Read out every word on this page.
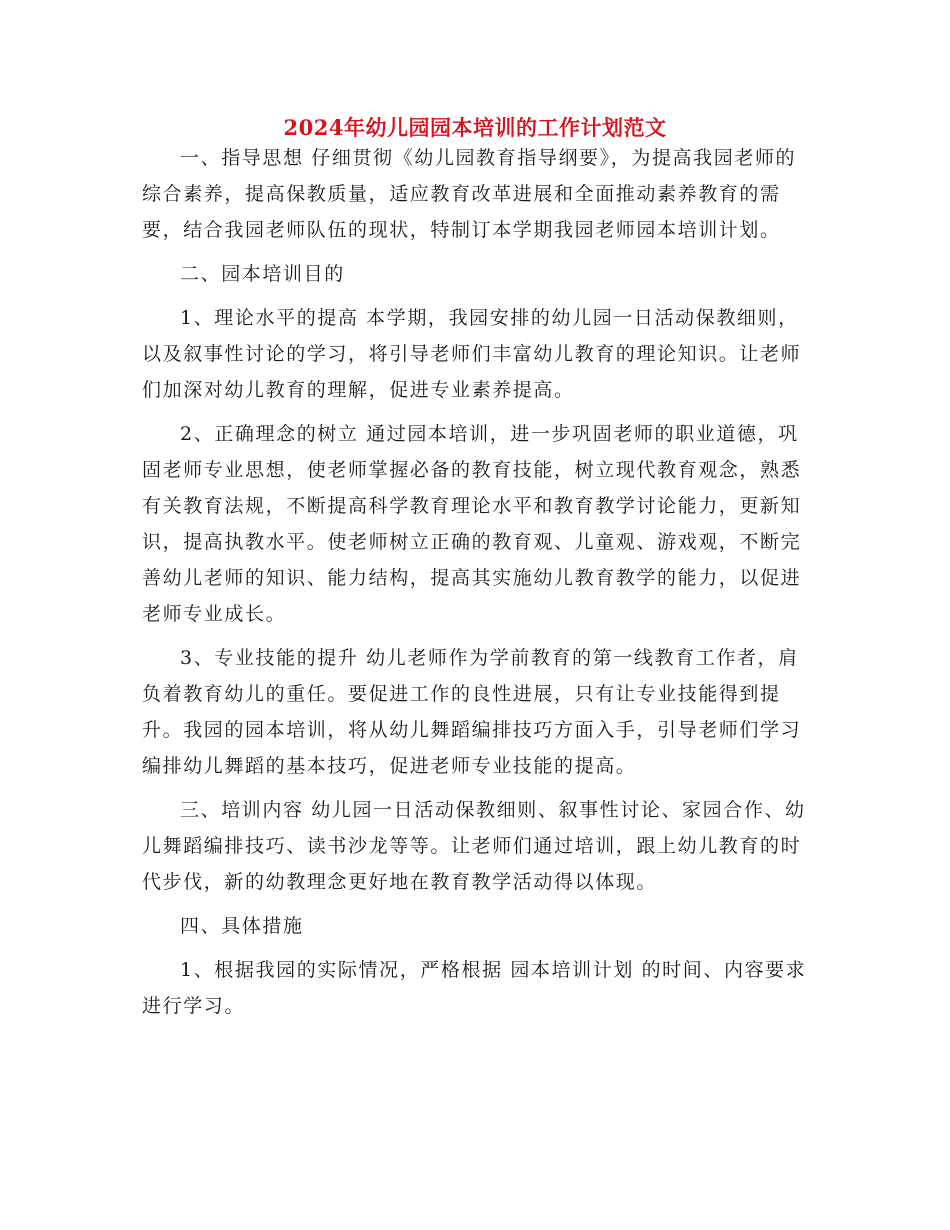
2024年幼儿园园本培训的工作计划范文

一、指导思想 仔细贯彻《幼儿园教育指导纲要》，为提高我园老师的综合素养，提高保教质量，适应教育改革进展和全面推动素养教育的需要，结合我园老师队伍的现状，特制订本学期我园老师园本培训计划。

二、园本培训目的

1、理论水平的提高 本学期，我园安排的幼儿园一日活动保教细则，以及叙事性讨论的学习，将引导老师们丰富幼儿教育的理论知识。让老师们加深对幼儿教育的理解，促进专业素养提高。

2、正确理念的树立 通过园本培训，进一步巩固老师的职业道德，巩固老师专业思想，使老师掌握必备的教育技能，树立现代教育观念，熟悉有关教育法规，不断提高科学教育理论水平和教育教学讨论能力，更新知识，提高执教水平。使老师树立正确的教育观、儿童观、游戏观，不断完善幼儿老师的知识、能力结构，提高其实施幼儿教育教学的能力，以促进老师专业成长。

3、专业技能的提升 幼儿老师作为学前教育的第一线教育工作者，肩负着教育幼儿的重任。要促进工作的良性进展，只有让专业技能得到提升。我园的园本培训，将从幼儿舞蹈编排技巧方面入手，引导老师们学习编排幼儿舞蹈的基本技巧，促进老师专业技能的提高。

三、培训内容 幼儿园一日活动保教细则、叙事性讨论、家园合作、幼儿舞蹈编排技巧、读书沙龙等等。让老师们通过培训，跟上幼儿教育的时代步伐，新的幼教理念更好地在教育教学活动得以体现。

四、具体措施

1、根据我园的实际情况，严格根据 园本培训计划 的时间、内容要求进行学习。
